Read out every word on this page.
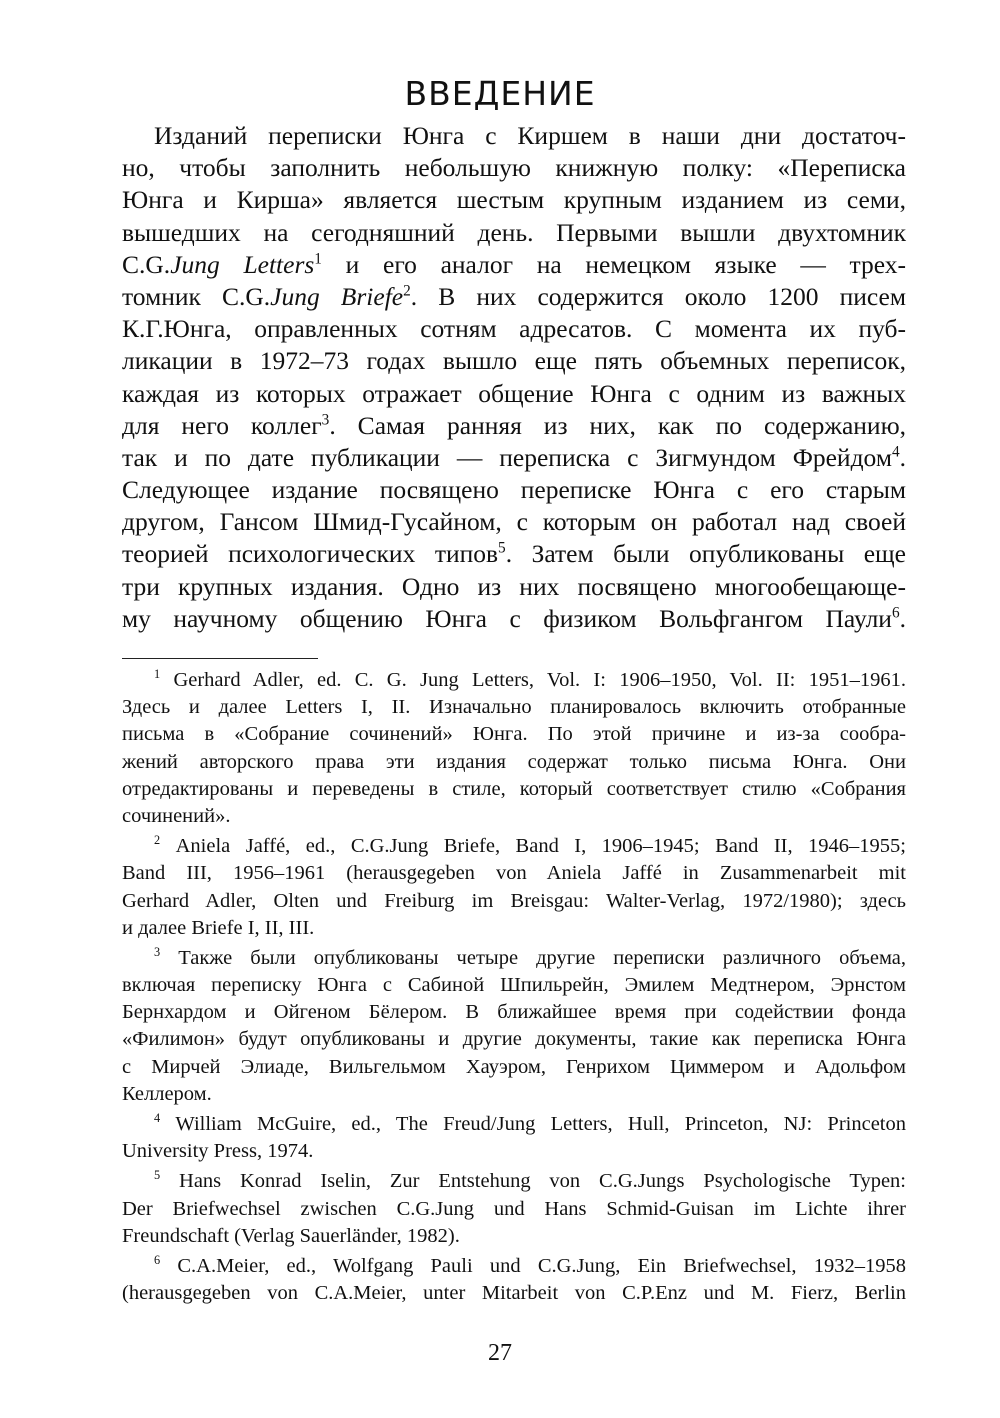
ВВЕДЕНИЕ
Изданий переписки Юнга с Киршем в наши дни достаточ-
но, чтобы заполнить небольшую книжную полку: «Переписка
Юнга и Кирша» является шестым крупным изданием из семи,
вышедших на сегодняшний день. Первыми вышли двухтомник
C.G.Jung Letters$^1$ и его аналог на немецком языке — трех-
томник C.G.Jung Briefe$^2$. В них содержится около 1200 писем
К.Г.Юнга, оправленных сотням адресатов. С момента их пуб-
ликации в 1972–73 годах вышло еще пять объемных переписок,
каждая из которых отражает общение Юнга с одним из важных
для него коллег$^3$. Самая ранняя из них, как по содержанию,
так и по дате публикации — переписка с Зигмундом Фрейдом$^4$.
Следующее издание посвящено переписке Юнга с его старым
другом, Гансом Шмид-Гусайном, с которым он работал над своей
теорией психологических типов$^5$. Затем были опубликованы еще
три крупных издания. Одно из них посвящено многообещающе-
му научному общению Юнга с физиком Вольфгангом Паули$^6$.
$^1$ Gerhard Adler, ed. C. G. Jung Letters, Vol. I: 1906–1950, Vol. II: 1951–1961.
Здесь и далее Letters I, II. Изначально планировалось включить отобранные
письма в «Собрание сочинений» Юнга. По этой причине и из-за сообра-
жений авторского права эти издания содержат только письма Юнга. Они
отредактированы и переведены в стиле, который соответствует стилю «Собрания
сочинений».
$^2$ Aniela Jaffé, ed., C.G.Jung Briefe, Band I, 1906–1945; Band II, 1946–1955;
Band III, 1956–1961 (herausgegeben von Aniela Jaffé in Zusammenarbeit mit
Gerhard Adler, Olten und Freiburg im Breisgau: Walter-Verlag, 1972/1980); здесь
и далее Briefe I, II, III.
$^3$ Также были опубликованы четыре другие переписки различного объема,
включая переписку Юнга с Сабиной Шпильрейн, Эмилем Медтнером, Эрнстом
Бернхардом и Ойгеном Бёлером. В ближайшее время при содействии фонда
«Филимон» будут опубликованы и другие документы, такие как переписка Юнга
с Мирчей Элиаде, Вильгельмом Хауэром, Генрихом Циммером и Адольфом
Келлером.
$^4$ William McGuire, ed., The Freud/Jung Letters, Hull, Princeton, NJ: Princeton
University Press, 1974.
$^5$ Hans Konrad Iselin, Zur Entstehung von C.G.Jungs Psychologische Typen:
Der Briefwechsel zwischen C.G.Jung und Hans Schmid-Guisan im Lichte ihrer
Freundschaft (Verlag Sauerländer, 1982).
$^6$ C.A.Meier, ed., Wolfgang Pauli und C.G.Jung, Ein Briefwechsel, 1932–1958
(herausgegeben von C.A.Meier, unter Mitarbeit von C.P.Enz und M. Fierz, Berlin
27
